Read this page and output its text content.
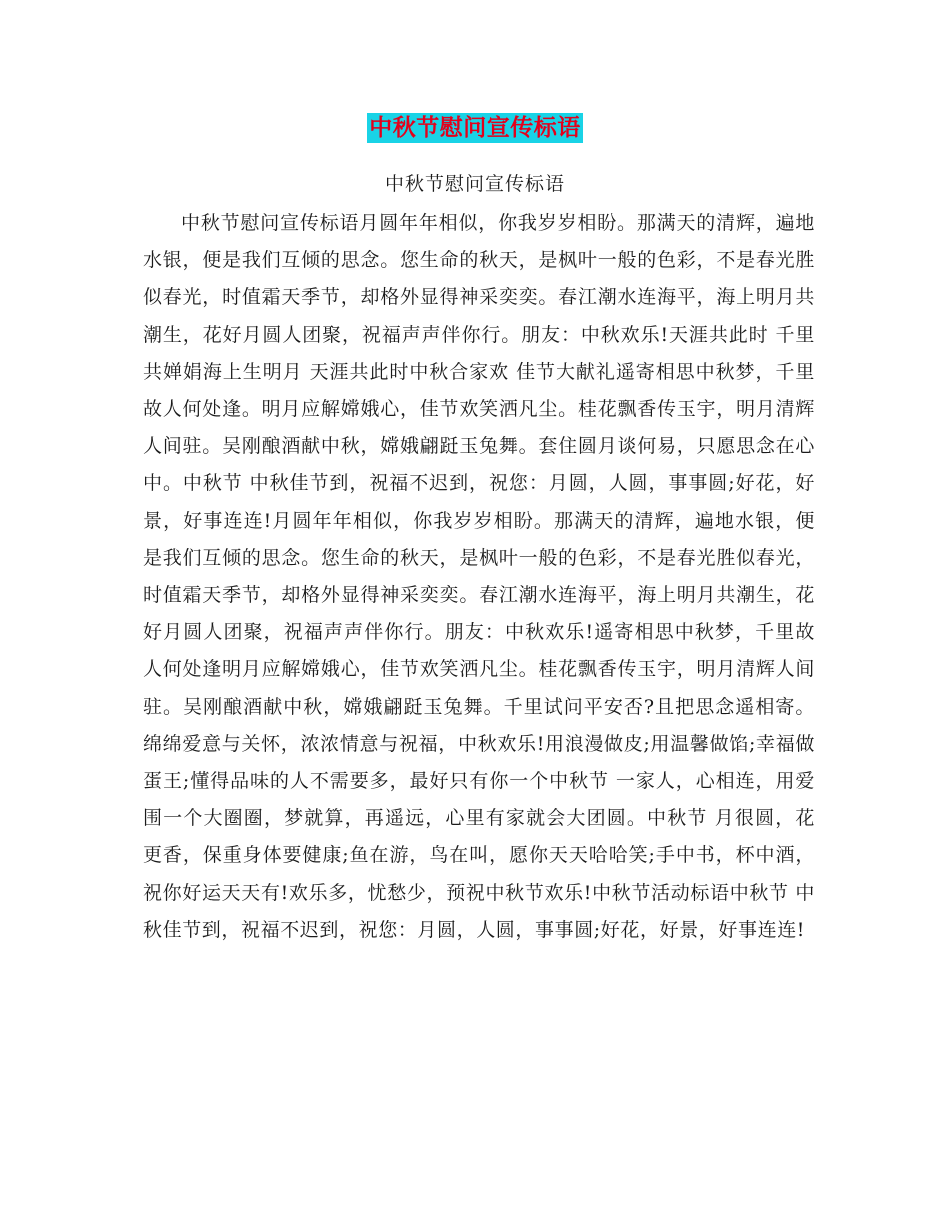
中秋节慰问宣传标语
中秋节慰问宣传标语

中秋节慰问宣传标语月圆年年相似，你我岁岁相盼。那满天的清辉，遍地水银，便是我们互倾的思念。您生命的秋天，是枫叶一般的色彩，不是春光胜似春光，时值霜天季节，却格外显得神采奕奕。春江潮水连海平，海上明月共潮生，花好月圆人团聚，祝福声声伴你行。朋友：中秋欢乐!天涯共此时 千里共婵娟海上生明月 天涯共此时中秋合家欢 佳节大献礼遥寄相思中秋梦，千里故人何处逢。明月应解嫦娥心，佳节欢笑洒凡尘。桂花飘香传玉宇，明月清辉人间驻。吴刚酿酒献中秋，嫦娥翩跹玉兔舞。套住圆月谈何易，只愿思念在心中。中秋节 中秋佳节到，祝福不迟到，祝您：月圆，人圆，事事圆;好花，好景，好事连连!月圆年年相似，你我岁岁相盼。那满天的清辉，遍地水银，便是我们互倾的思念。您生命的秋天，是枫叶一般的色彩，不是春光胜似春光，时值霜天季节，却格外显得神采奕奕。春江潮水连海平，海上明月共潮生，花好月圆人团聚，祝福声声伴你行。朋友：中秋欢乐!遥寄相思中秋梦，千里故人何处逢明月应解嫦娥心，佳节欢笑洒凡尘。桂花飘香传玉宇，明月清辉人间驻。吴刚酿酒献中秋，嫦娥翩跹玉兔舞。千里试问平安否?且把思念遥相寄。绵绵爱意与关怀，浓浓情意与祝福，中秋欢乐!用浪漫做皮;用温馨做馅;幸福做蛋王;懂得品味的人不需要多，最好只有你一个中秋节 一家人，心相连，用爱围一个大圈圈，梦就算，再遥远，心里有家就会大团圆。中秋节 月很圆，花更香，保重身体要健康;鱼在游，鸟在叫，愿你天天哈哈笑;手中书，杯中酒，祝你好运天天有!欢乐多，忧愁少，预祝中秋节欢乐!中秋节活动标语中秋节 中秋佳节到，祝福不迟到，祝您：月圆，人圆，事事圆;好花，好景，好事连连!
